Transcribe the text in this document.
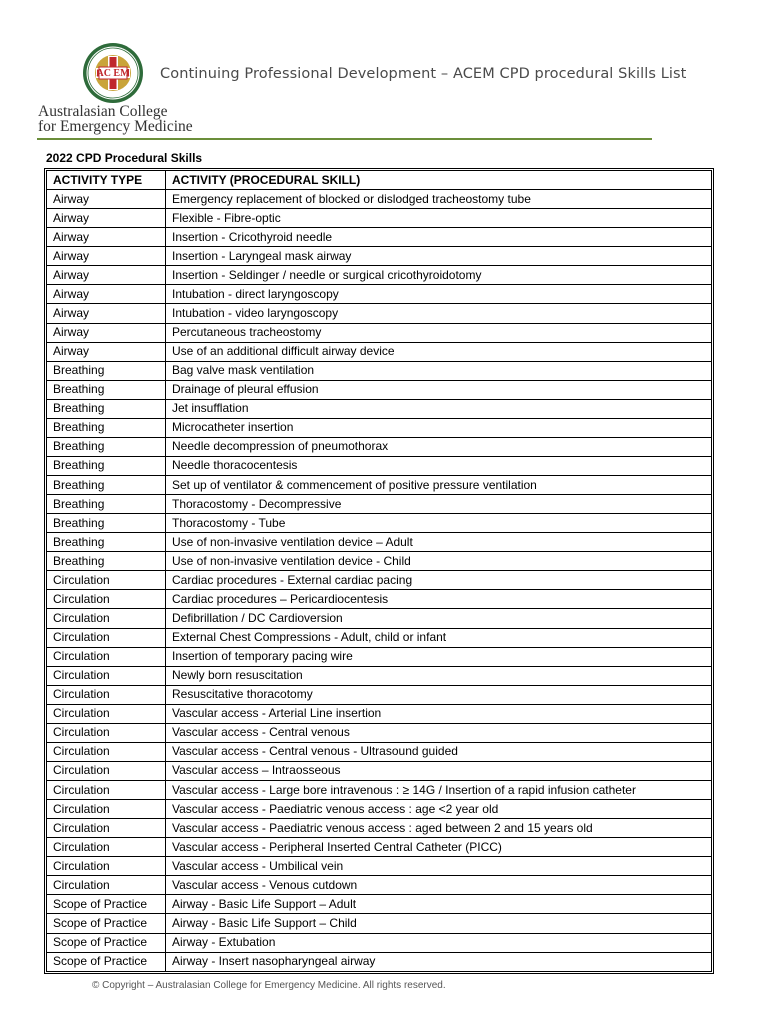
AC EM Continuing Professional Development – ACEM CPD procedural Skills List
Australasian College
for Emergency Medicine
2022 CPD Procedural Skills
ACTIVITY TYPE	ACTIVITY (PROCEDURAL SKILL)
Airway	Emergency replacement of blocked or dislodged tracheostomy tube
Airway	Flexible - Fibre-optic
Airway	Insertion - Cricothyroid needle
Airway	Insertion - Laryngeal mask airway
Airway	Insertion - Seldinger / needle or surgical cricothyroidotomy
Airway	Intubation - direct laryngoscopy
Airway	Intubation - video laryngoscopy
Airway	Percutaneous tracheostomy
Airway	Use of an additional difficult airway device
Breathing	Bag valve mask ventilation
Breathing	Drainage of pleural effusion
Breathing	Jet insufflation
Breathing	Microcatheter insertion
Breathing	Needle decompression of pneumothorax
Breathing	Needle thoracocentesis
Breathing	Set up of ventilator & commencement of positive pressure ventilation
Breathing	Thoracostomy - Decompressive
Breathing	Thoracostomy - Tube
Breathing	Use of non-invasive ventilation device – Adult
Breathing	Use of non-invasive ventilation device - Child
Circulation	Cardiac procedures - External cardiac pacing
Circulation	Cardiac procedures – Pericardiocentesis
Circulation	Defibrillation / DC Cardioversion
Circulation	External Chest Compressions - Adult, child or infant
Circulation	Insertion of temporary pacing wire
Circulation	Newly born resuscitation
Circulation	Resuscitative thoracotomy
Circulation	Vascular access - Arterial Line insertion
Circulation	Vascular access - Central venous
Circulation	Vascular access - Central venous - Ultrasound guided
Circulation	Vascular access – Intraosseous
Circulation	Vascular access - Large bore intravenous : ≥ 14G / Insertion of a rapid infusion catheter
Circulation	Vascular access - Paediatric venous access : age <2 year old
Circulation	Vascular access - Paediatric venous access : aged between 2 and 15 years old
Circulation	Vascular access - Peripheral Inserted Central Catheter (PICC)
Circulation	Vascular access - Umbilical vein
Circulation	Vascular access - Venous cutdown
Scope of Practice	Airway - Basic Life Support – Adult
Scope of Practice	Airway - Basic Life Support – Child
Scope of Practice	Airway - Extubation
Scope of Practice	Airway - Insert nasopharyngeal airway
© Copyright – Australasian College for Emergency Medicine. All rights reserved.
